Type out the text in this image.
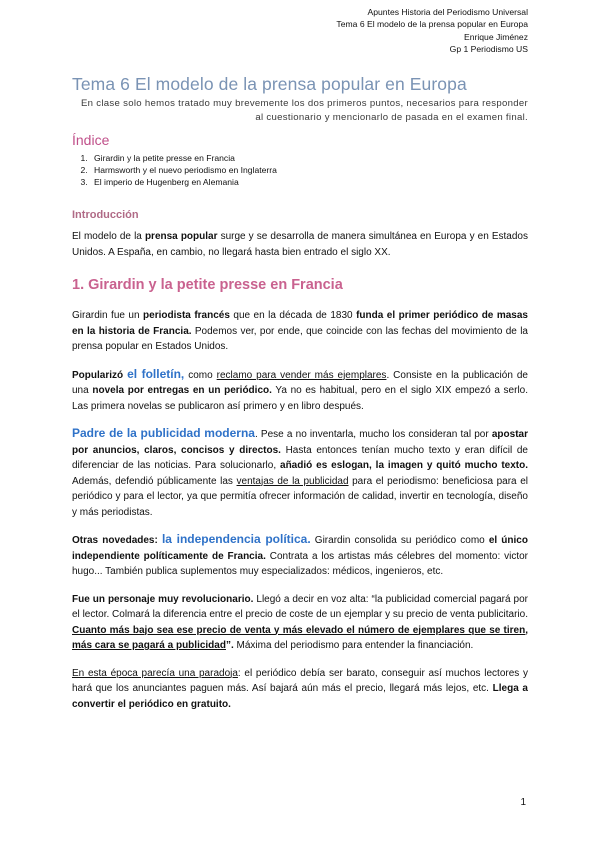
Apuntes Historia del Periodismo Universal
Tema 6 El modelo de la prensa popular en Europa
Enrique Jiménez
Gp 1 Periodismo US
Tema 6 El modelo de la prensa popular en Europa
En clase solo hemos tratado muy brevemente los dos primeros puntos, necesarios para responder al cuestionario y mencionarlo de pasada en el examen final.
Índice
1. Girardin y la petite presse en Francia
2. Harmsworth y el nuevo periodismo en Inglaterra
3. El imperio de Hugenberg en Alemania
Introducción

El modelo de la prensa popular surge y se desarrolla de manera simultánea en Europa y en Estados Unidos. A España, en cambio, no llegará hasta bien entrado el siglo XX.

1. Girardin y la petite presse en Francia

Girardin fue un periodista francés que en la década de 1830 funda el primer periódico de masas en la historia de Francia. Podemos ver, por ende, que coincide con las fechas del movimiento de la prensa popular en Estados Unidos.

Popularizó el folletín, como reclamo para vender más ejemplares. Consiste en la publicación de una novela por entregas en un periódico. Ya no es habitual, pero en el siglo XIX empezó a serlo. Las primera novelas se publicaron así primero y en libro después.

Padre de la publicidad moderna. Pese a no inventarla, mucho los consideran tal por apostar por anuncios, claros, concisos y directos. Hasta entonces tenían mucho texto y eran difícil de diferenciar de las noticias. Para solucionarlo, añadió es eslogan, la imagen y quitó mucho texto. Además, defendió públicamente las ventajas de la publicidad para el periodismo: beneficiosa para el periódico y para el lector, ya que permitía ofrecer información de calidad, invertir en tecnología, diseño y más periodistas.

Otras novedades: la independencia política. Girardin consolida su periódico como el único independiente políticamente de Francia. Contrata a los artistas más célebres del momento: victor hugo... También publica suplementos muy especializados: médicos, ingenieros, etc.

Fue un personaje muy revolucionario. Llegó a decir en voz alta: “la publicidad comercial pagará por el lector. Colmará la diferencia entre el precio de coste de un ejemplar y su precio de venta publicitario. Cuanto más bajo sea ese precio de venta y más elevado el número de ejemplares que se tiren, más cara se pagará a publicidad”. Máxima del periodismo para entender la financiación.

En esta época parecía una paradoja: el periódico debía ser barato, conseguir así muchos lectores y hará que los anunciantes paguen más. Así bajará aún más el precio, llegará más lejos, etc. Llega a convertir el periódico en gratuito.

1
